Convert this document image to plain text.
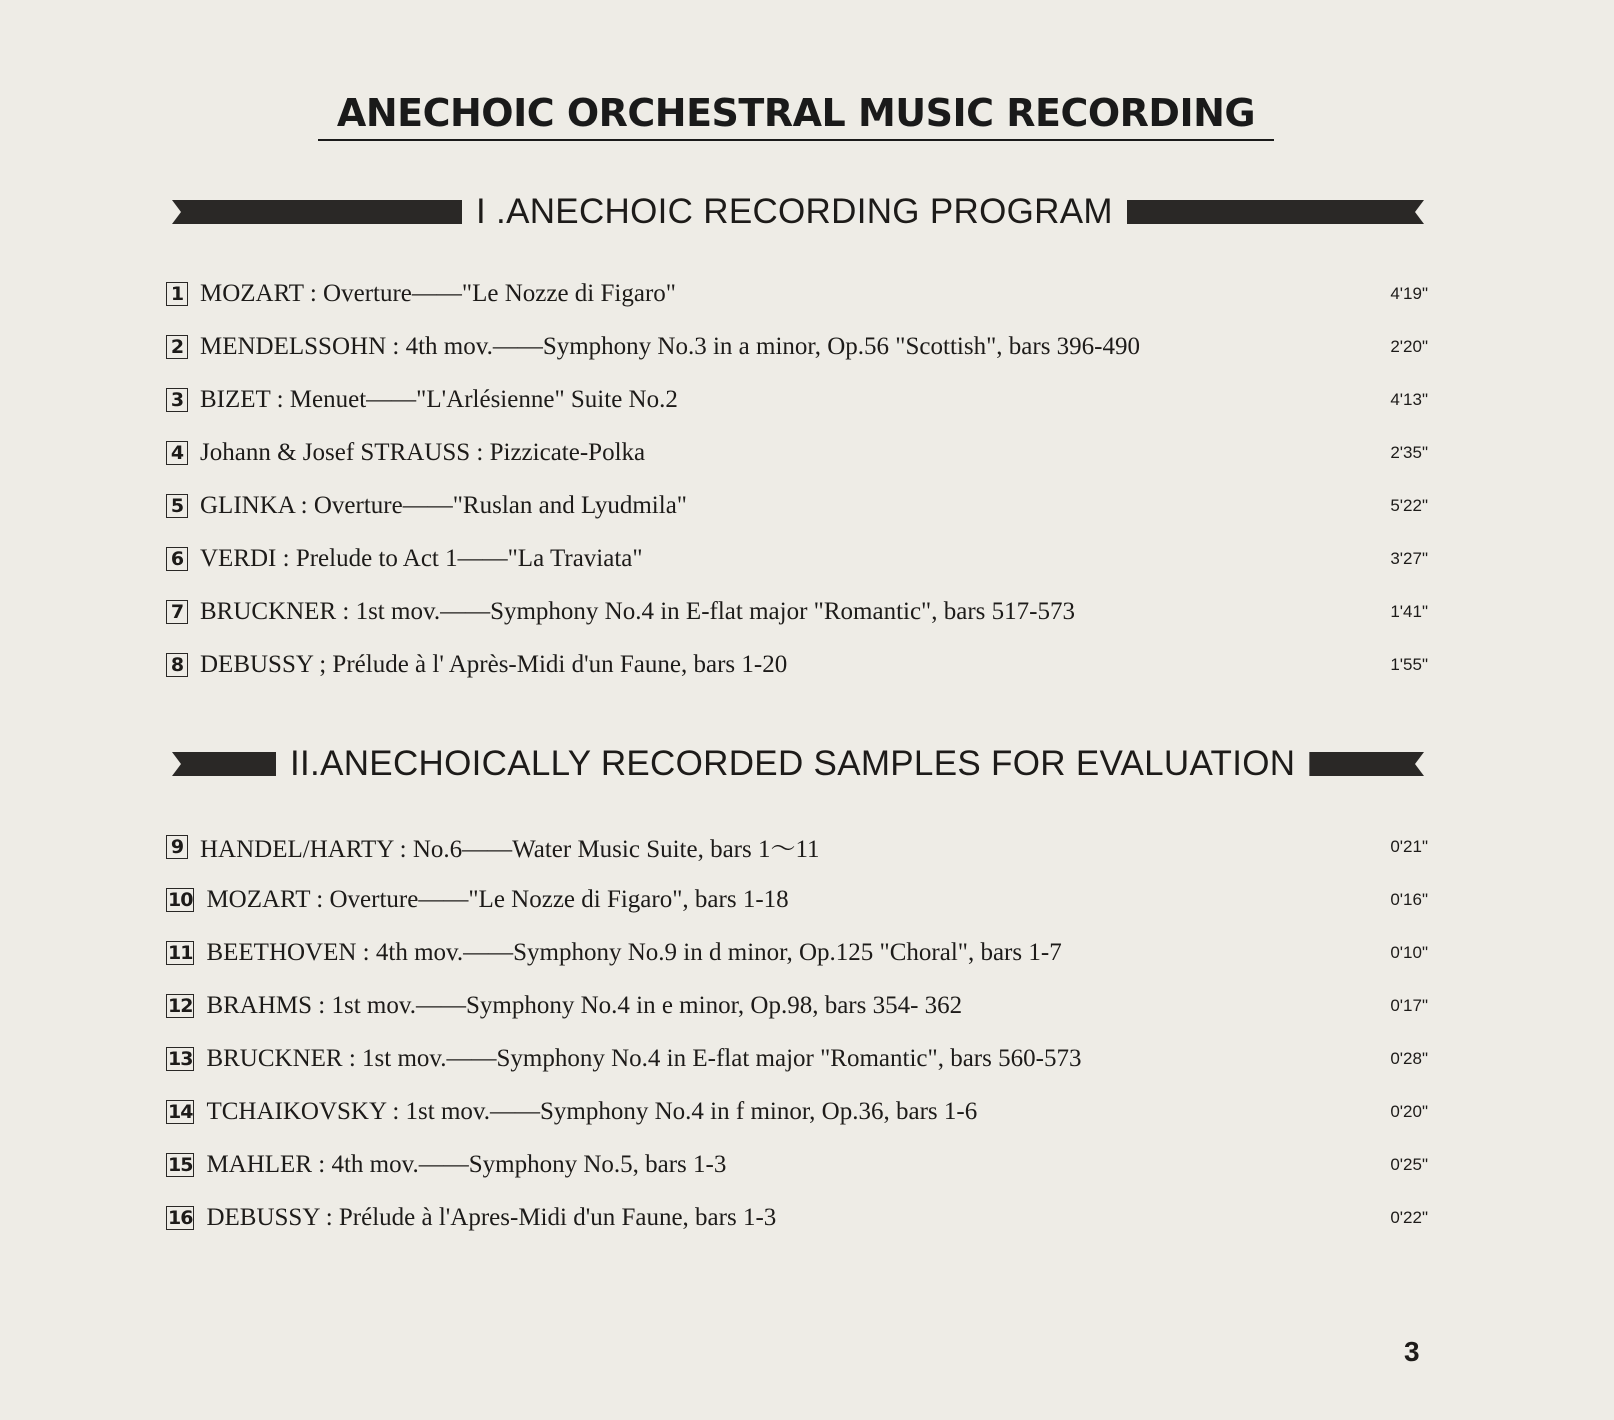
ANECHOIC ORCHESTRAL MUSIC RECORDING
I .ANECHOIC RECORDING PROGRAM
1 MOZART : Overture——"Le Nozze di Figaro"	4'19"
2 MENDELSSOHN : 4th mov.——Symphony No.3 in a minor, Op.56 "Scottish", bars 396-490	2'20"
3 BIZET : Menuet——"L'Arlésienne" Suite No.2	4'13"
4 Johann & Josef STRAUSS : Pizzicate-Polka	2'35"
5 GLINKA : Overture——"Ruslan and Lyudmila"	5'22"
6 VERDI : Prelude to Act 1——"La Traviata"	3'27"
7 BRUCKNER : 1st mov.——Symphony No.4 in E-flat major "Romantic", bars 517-573	1'41"
8 DEBUSSY ; Prélude à l' Après-Midi d'un Faune, bars 1-20	1'55"
II.ANECHOICALLY RECORDED SAMPLES FOR EVALUATION
9 HANDEL/HARTY : No.6——Water Music Suite, bars 1～11	0'21"
10 MOZART : Overture——"Le Nozze di Figaro", bars 1-18	0'16"
11 BEETHOVEN : 4th mov.——Symphony No.9 in d minor, Op.125 "Choral", bars 1-7	0'10"
12 BRAHMS : 1st mov.——Symphony No.4 in e minor, Op.98, bars 354- 362	0'17"
13 BRUCKNER : 1st mov.——Symphony No.4 in E-flat major "Romantic", bars 560-573	0'28"
14 TCHAIKOVSKY : 1st mov.——Symphony No.4 in f minor, Op.36, bars 1-6	0'20"
15 MAHLER : 4th mov.——Symphony No.5, bars 1-3	0'25"
16 DEBUSSY : Prélude à l'Apres-Midi d'un Faune, bars 1-3	0'22"
3
